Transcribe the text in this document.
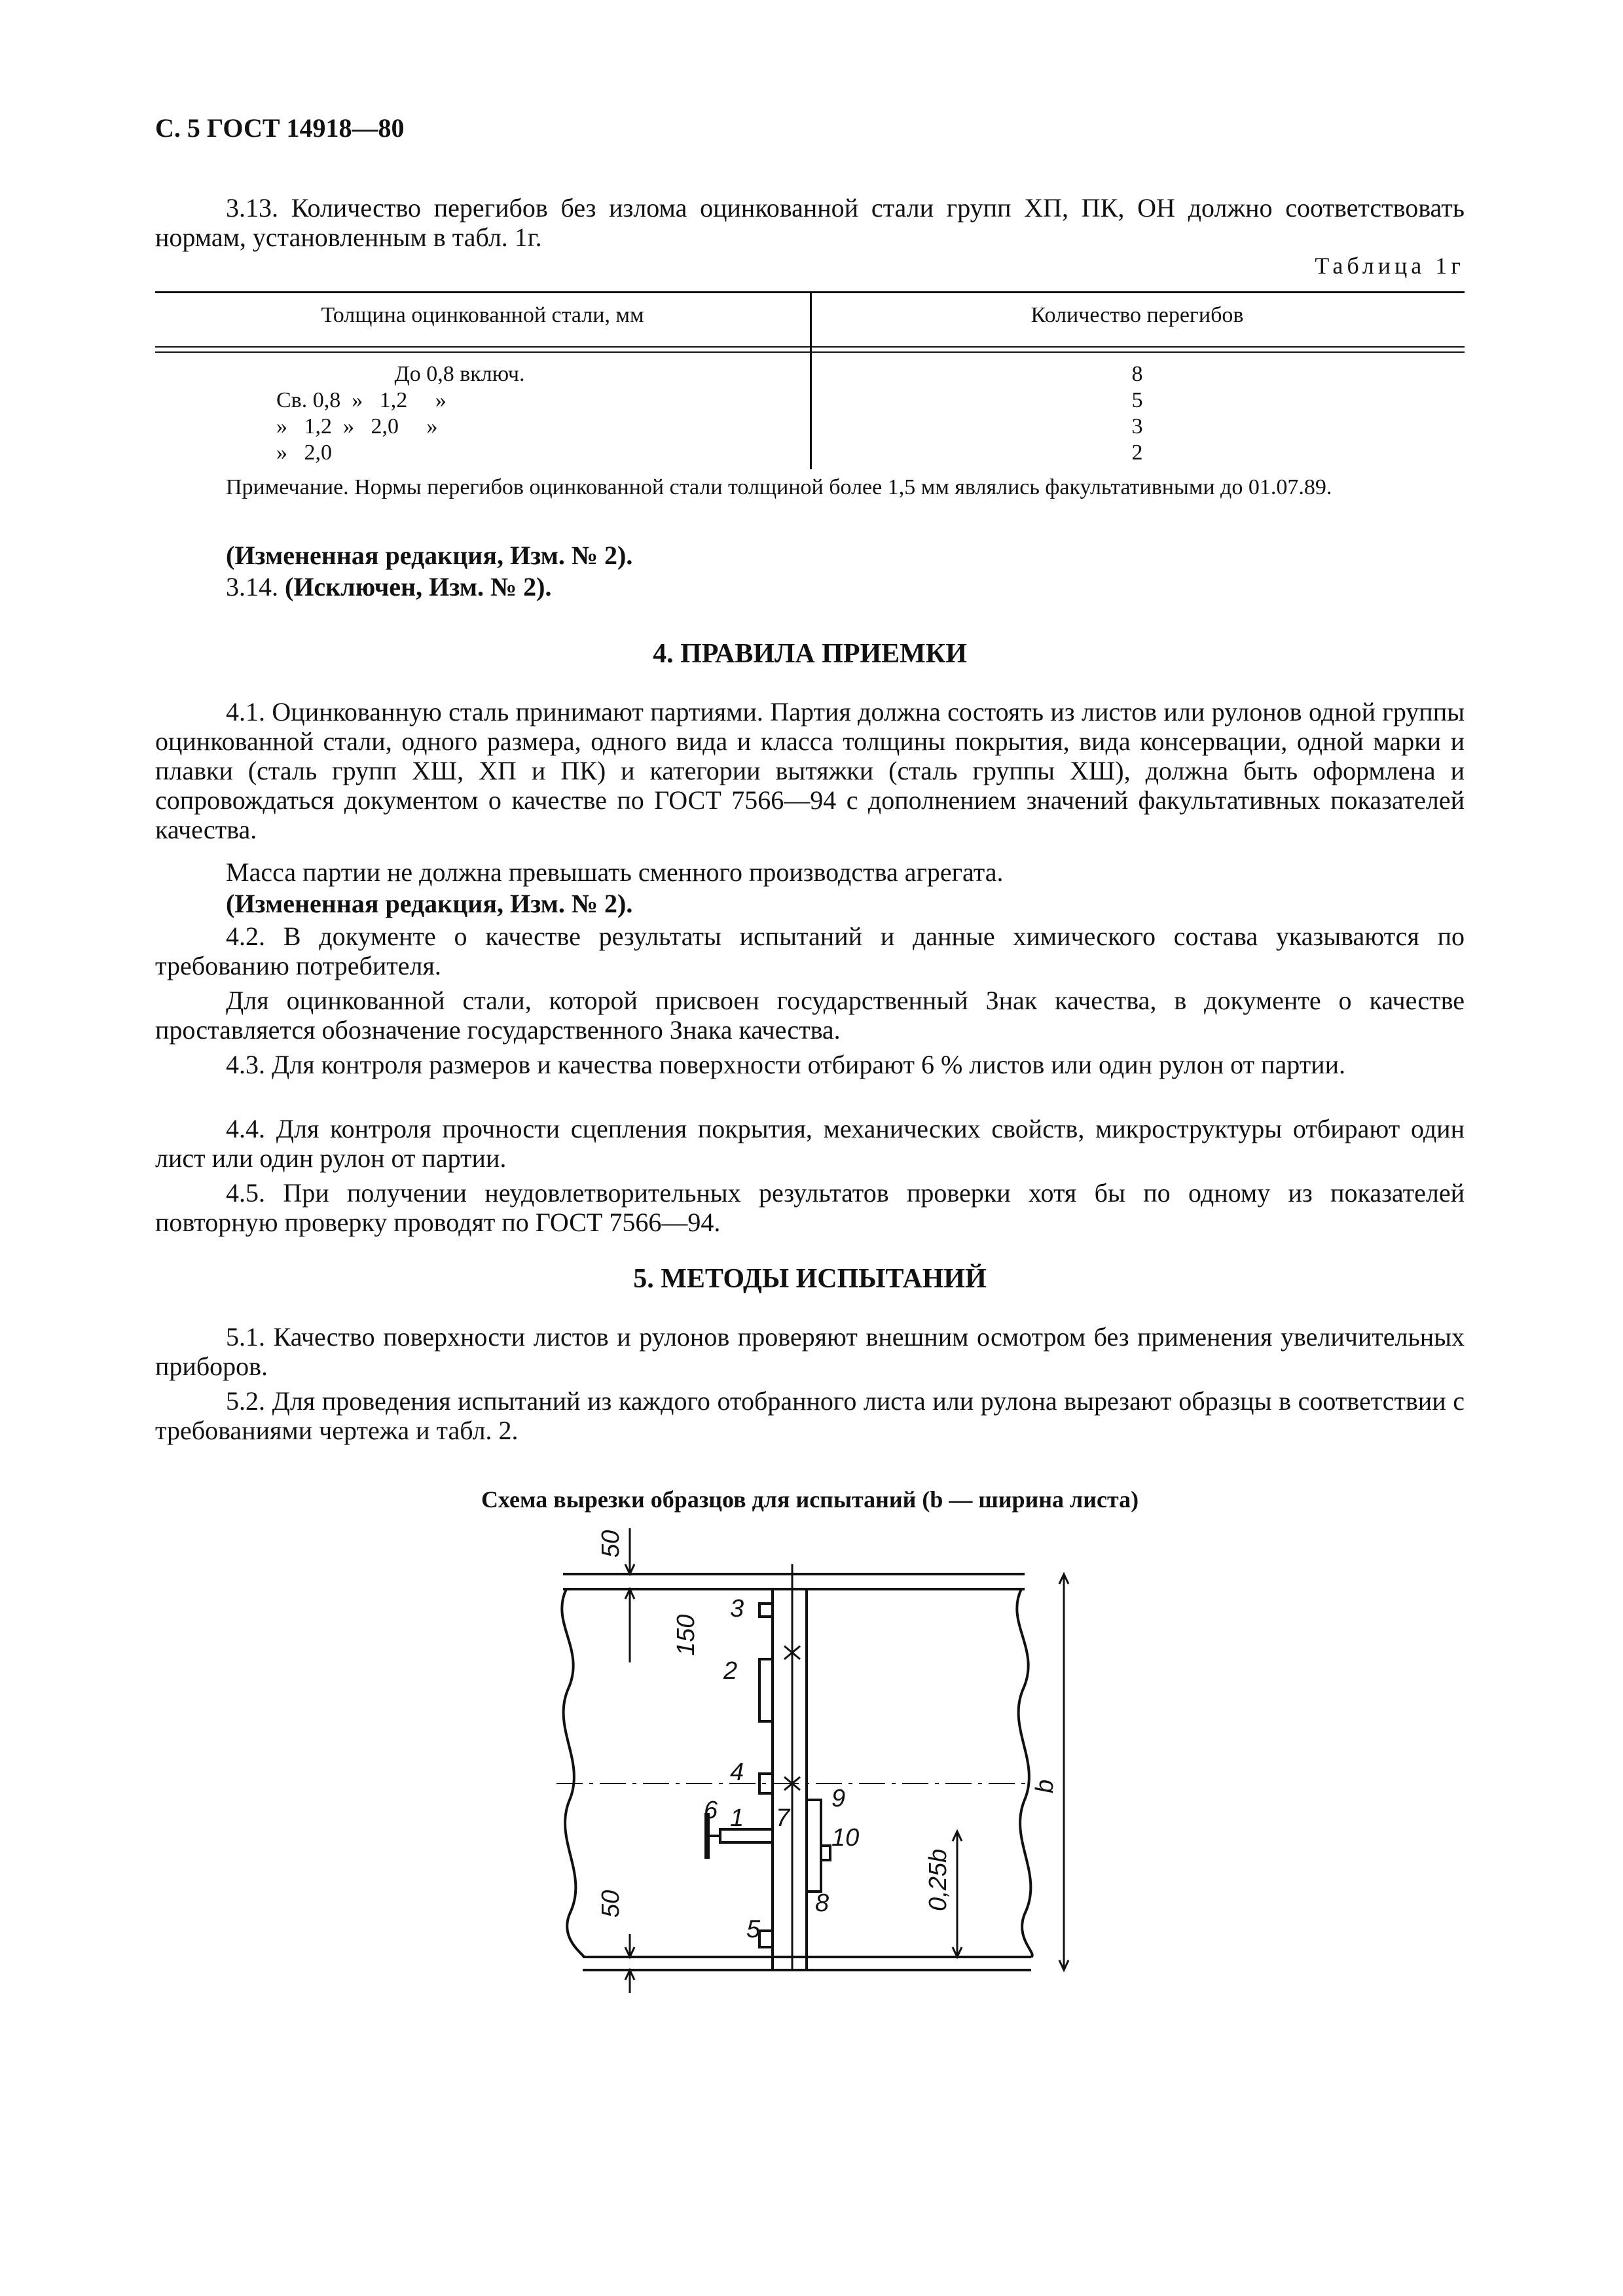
С. 5 ГОСТ 14918—80
3.13. Количество перегибов без излома оцинкованной стали групп ХП, ПК, ОН должно соответствовать нормам, установленным в табл. 1г.
Таблица 1г
Толщина оцинкованной стали, мм	Количество перегибов
До 0,8 включ.	8
Св. 0,8  »   1,2     »	5
»   1,2  »   2,0     »	3
»   2,0	2
Примечание. Нормы перегибов оцинкованной стали толщиной более 1,5 мм являлись факультативными до 01.07.89.
(Измененная редакция, Изм. № 2).
3.14. (Исключен, Изм. № 2).
4. ПРАВИЛА ПРИЕМКИ
4.1. Оцинкованную сталь принимают партиями. Партия должна состоять из листов или рулонов одной группы оцинкованной стали, одного размера, одного вида и класса толщины покрытия, вида консервации, одной марки и плавки (сталь групп ХШ, ХП и ПК) и категории вытяжки (сталь группы ХШ), должна быть оформлена и сопровождаться документом о качестве по ГОСТ 7566—94 с дополнением значений факультативных показателей качества.
Масса партии не должна превышать сменного производства агрегата.
(Измененная редакция, Изм. № 2).
4.2. В документе о качестве результаты испытаний и данные химического состава указываются по требованию потребителя.
Для оцинкованной стали, которой присвоен государственный Знак качества, в документе о качестве проставляется обозначение государственного Знака качества.
4.3. Для контроля размеров и качества поверхности отбирают 6 % листов или один рулон от партии.
4.4. Для контроля прочности сцепления покрытия, механических свойств, микроструктуры отбирают один лист или один рулон от партии.
4.5. При получении неудовлетворительных результатов проверки хотя бы по одному из показателей повторную проверку проводят по ГОСТ 7566—94.
5. МЕТОДЫ ИСПЫТАНИЙ
5.1. Качество поверхности листов и рулонов проверяют внешним осмотром без применения увеличительных приборов.
5.2. Для проведения испытаний из каждого отобранного листа или рулона вырезают образцы в соответствии с требованиями чертежа и табл. 2.
Схема вырезки образцов для испытаний (b — ширина листа)
50
150
50
b
0,25b
3
2
4
6 1 7
9
10
8
5
